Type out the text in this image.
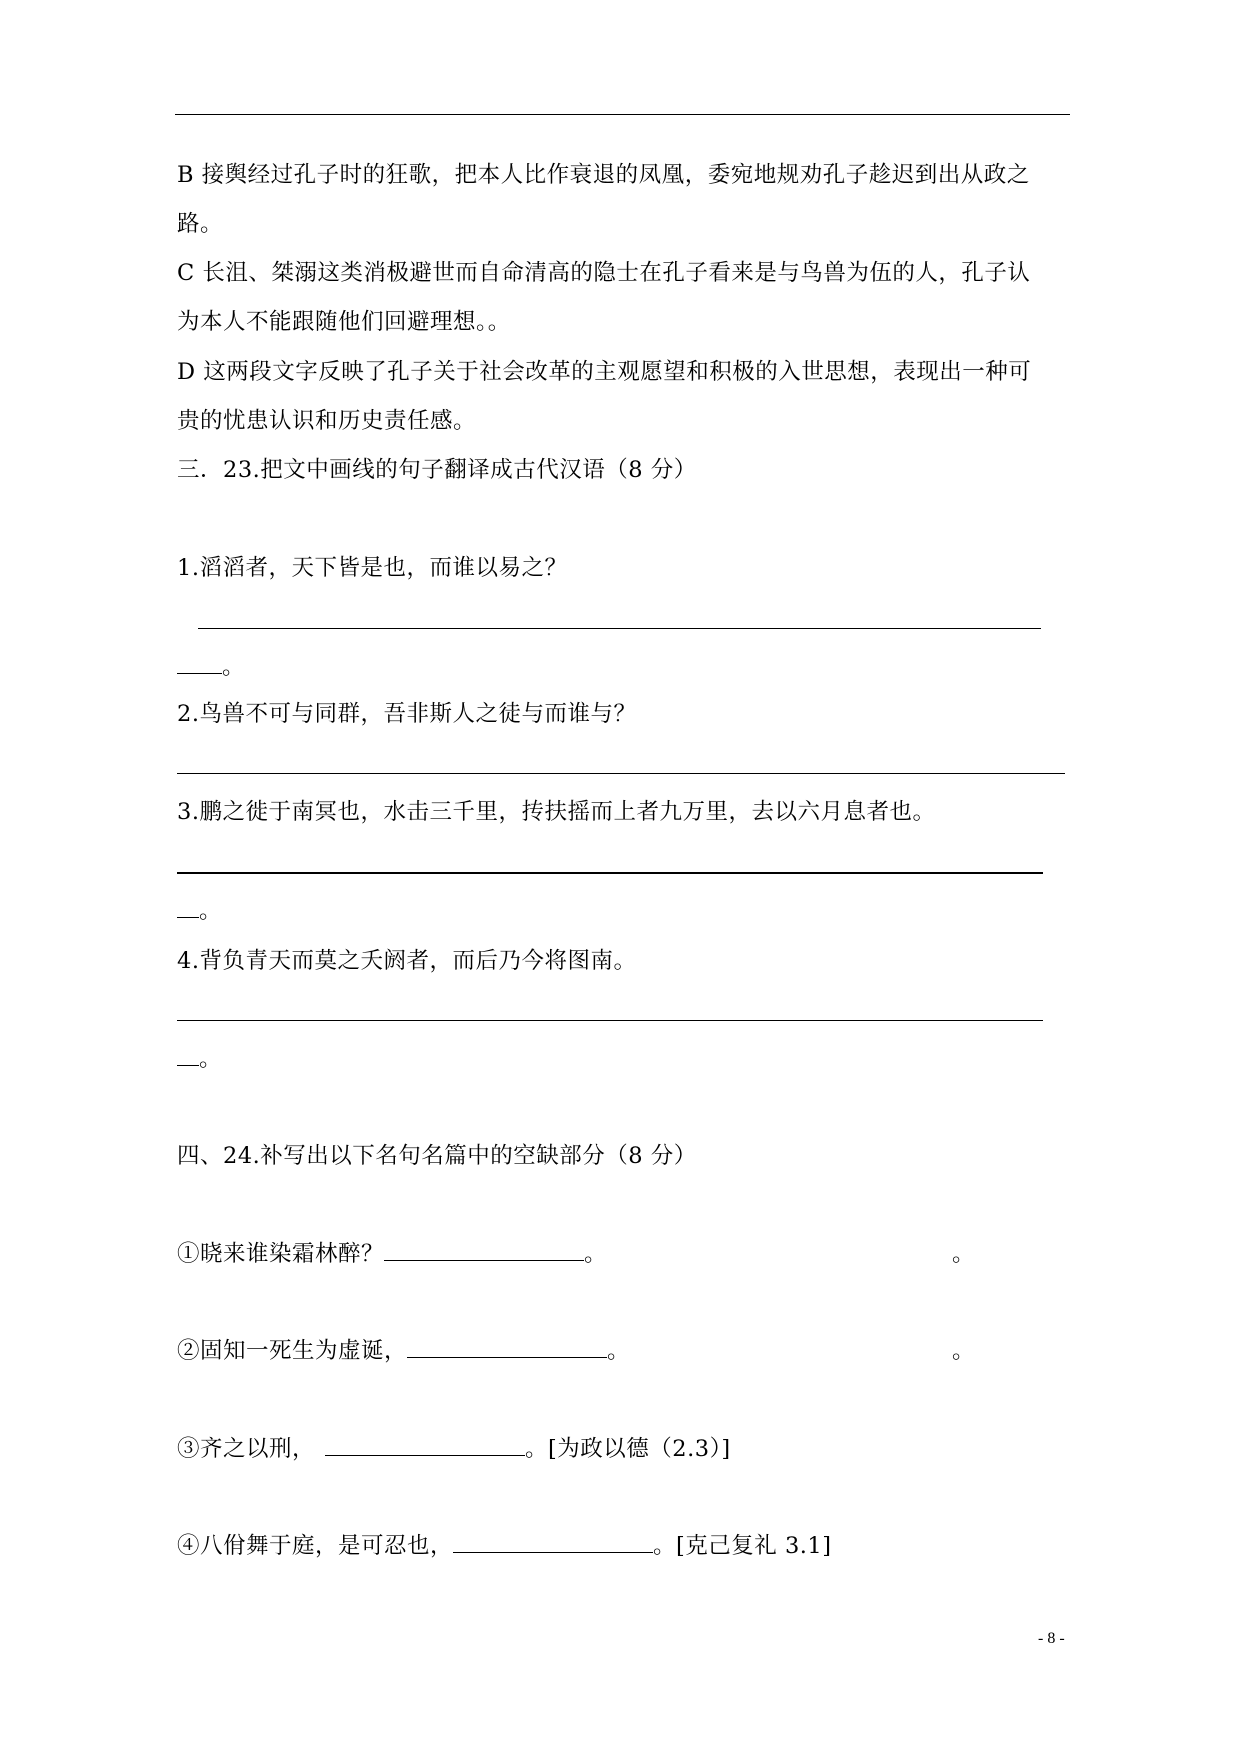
B 接舆经过孔子时的狂歌，把本人比作衰退的凤凰，委宛地规劝孔子趁迟到出从政之
路。
C 长沮、桀溺这类消极避世而自命清高的隐士在孔子看来是与鸟兽为伍的人，孔子认
为本人不能跟随他们回避理想。。
D 这两段文字反映了孔子关于社会改革的主观愿望和积极的入世思想，表现出一种可
贵的忧患认识和历史责任感。
三．23.把文中画线的句子翻译成古代汉语（8 分）
1.滔滔者，天下皆是也，而谁以易之？
。
2.鸟兽不可与同群，吾非斯人之徒与而谁与？
3.鹏之徙于南冥也，水击三千里，抟扶摇而上者九万里，去以六月息者也。
。
4.背负青天而莫之夭阏者，而后乃今将图南。
。
四、24.补写出以下名句名篇中的空缺部分（8 分）
①晓来谁染霜林醉？	。	。
②固知一死生为虚诞，	。	。
③齐之以刑，	。[为政以德（2.3）]
④八佾舞于庭，是可忍也，	。[克己复礼 3.1]
- 8 -
